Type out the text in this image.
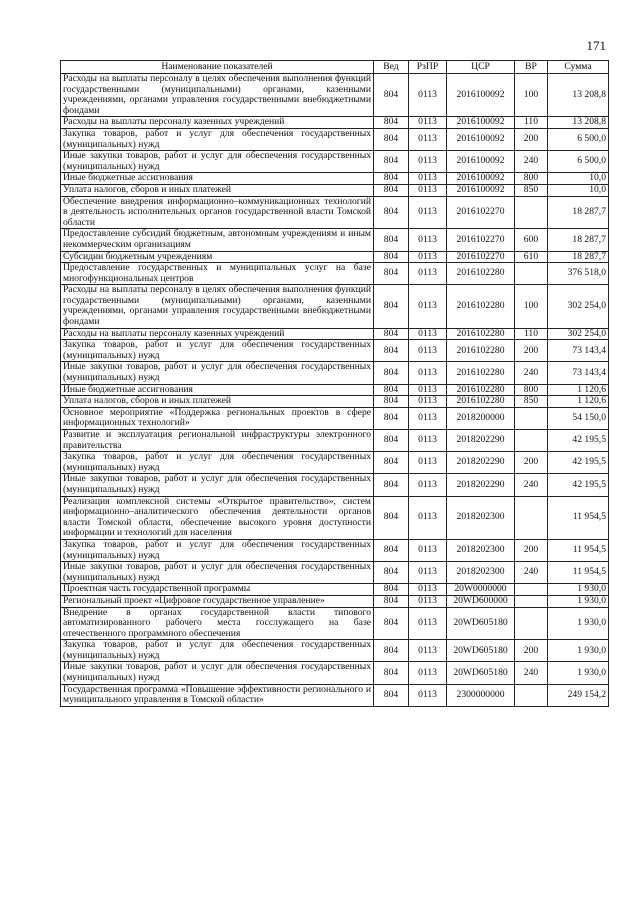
171
Наименование показателей	Вед	РзПР	ЦСР	ВР	Сумма
Расходы на выплаты персоналу в целях обеспечения выполнения функций государственными (муниципальными) органами, казенными учреждениями, органами управления государственными внебюджетными фондами	804	0113	2016100092	100	13 208,8
Расходы на выплаты персоналу казенных учреждений	804	0113	2016100092	110	13 208,8
Закупка товаров, работ и услуг для обеспечения государственных (муниципальных) нужд	804	0113	2016100092	200	6 500,0
Иные закупки товаров, работ и услуг для обеспечения государственных (муниципальных) нужд	804	0113	2016100092	240	6 500,0
Иные бюджетные ассигнования	804	0113	2016100092	800	10,0
Уплата налогов, сборов и иных платежей	804	0113	2016100092	850	10,0
Обеспечение внедрения информационно–коммуникационных технологий в деятельность исполнительных органов государственной власти Томской области	804	0113	2016102270		18 287,7
Предоставление субсидий бюджетным, автономным учреждениям и иным некоммерческим организациям	804	0113	2016102270	600	18 287,7
Субсидии бюджетным учреждениям	804	0113	2016102270	610	18 287,7
Предоставление государственных и муниципальных услуг на базе многофункциональных центров	804	0113	2016102280		376 518,0
Расходы на выплаты персоналу в целях обеспечения выполнения функций государственными (муниципальными) органами, казенными учреждениями, органами управления государственными внебюджетными фондами	804	0113	2016102280	100	302 254,0
Расходы на выплаты персоналу казенных учреждений	804	0113	2016102280	110	302 254,0
Закупка товаров, работ и услуг для обеспечения государственных (муниципальных) нужд	804	0113	2016102280	200	73 143,4
Иные закупки товаров, работ и услуг для обеспечения государственных (муниципальных) нужд	804	0113	2016102280	240	73 143,4
Иные бюджетные ассигнования	804	0113	2016102280	800	1 120,6
Уплата налогов, сборов и иных платежей	804	0113	2016102280	850	1 120,6
Основное мероприятие «Поддержка региональных проектов в сфере информационных технологий»	804	0113	2018200000		54 150,0
Развитие и эксплуатация региональной инфраструктуры электронного правительства	804	0113	2018202290		42 195,5
Закупка товаров, работ и услуг для обеспечения государственных (муниципальных) нужд	804	0113	2018202290	200	42 195,5
Иные закупки товаров, работ и услуг для обеспечения государственных (муниципальных) нужд	804	0113	2018202290	240	42 195,5
Реализация комплексной системы «Открытое правительство», систем информационно–аналитического обеспечения деятельности органов власти Томской области, обеспечение высокого уровня доступности информации и технологий для населения	804	0113	2018202300		11 954,5
Закупка товаров, работ и услуг для обеспечения государственных (муниципальных) нужд	804	0113	2018202300	200	11 954,5
Иные закупки товаров, работ и услуг для обеспечения государственных (муниципальных) нужд	804	0113	2018202300	240	11 954,5
Проектная часть государственной программы	804	0113	20W0000000		1 930,0
Региональный проект «Цифровое государственное управление»	804	0113	20WD600000		1 930,0
Внедрение в органах государственной власти типового автоматизированного рабочего места госслужащего на базе отечественного программного обеспечения	804	0113	20WD605180		1 930,0
Закупка товаров, работ и услуг для обеспечения государственных (муниципальных) нужд	804	0113	20WD605180	200	1 930,0
Иные закупки товаров, работ и услуг для обеспечения государственных (муниципальных) нужд	804	0113	20WD605180	240	1 930,0
Государственная программа «Повышение эффективности регионального и муниципального управления в Томской области»	804	0113	2300000000		249 154,2
